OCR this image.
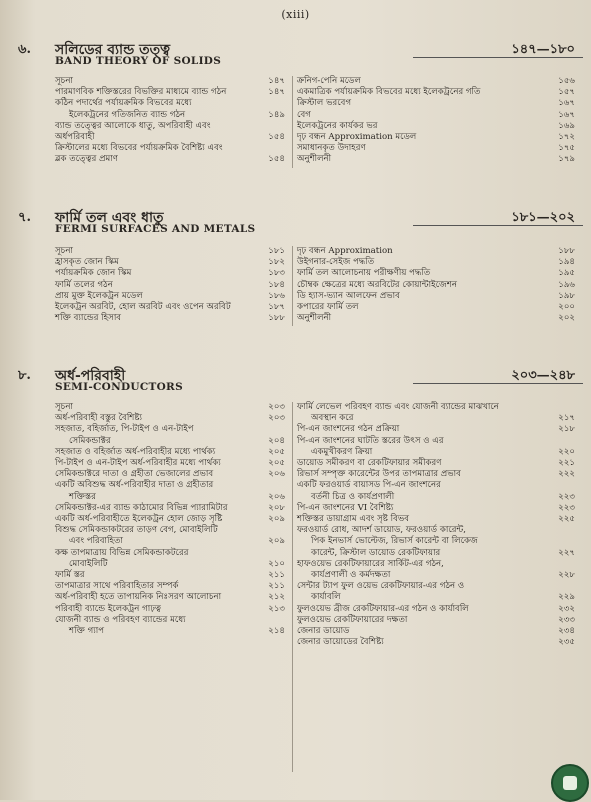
(xiii)
৬. সলিডের ব্যান্ড তত্ত্ব
BAND THEORY OF SOLIDS
১৪৭—১৮০
সূচনা	১৪৭
পারমাণবিক শক্তিস্তরের বিভক্তির মাধ্যমে ব্যান্ড গঠন	১৪৭
কঠিন পদার্থের পর্যায়ক্রমিক বিভবের মধ্যে
ইলেকট্রনের গতিজনিত ব্যান্ড গঠন	১৪৯
ব্যান্ড তত্ত্বের আলোকে ধাতু, অপরিবাহী এবং
অর্ধপরিবাহী	১৫৪
ক্রিস্টালের মধ্যে বিভবের পর্যায়ক্রমিক বৈশিষ্ট্য এবং
ব্লক তত্ত্বের প্রমাণ	১৫৪
ক্রনিগ-পেনি মডেল	১৫৬
একমাত্রিক পর্যায়ক্রমিক বিভবের মধ্যে ইলেকট্রনের গতি	১৫৭
ক্রিস্টাল ভরবেগ	১৬৭
বেগ	১৬৭
ইলেকট্রনের কার্যকর ভর	১৬৯
দৃঢ় বন্ধন Approximation মডেল	১৭২
সমাধানকৃত উদাহরণ	১৭৫
অনুশীলনী	১৭৯
৭. ফার্মি তল এবং ধাতু
FERMI SURFACES AND METALS
১৮১—২০২
সূচনা	১৮১
হ্রাসকৃত জোন স্কিম	১৮২
পর্যায়ক্রমিক জোন স্কিম	১৮৩
ফার্মি তলের গঠন	১৮৪
প্রায় মুক্ত ইলেকট্রন মডেল	১৮৬
ইলেকট্রন অরবিট, হোল অরবিট এবং ওপেন অরবিট	১৮৭
শক্তি ব্যান্ডের হিসাব	১৮৮
দৃঢ় বন্ধন Approximation	১৮৮
উইগনার-সেইজ পদ্ধতি	১৯৪
ফার্মি তল আলোচনায় পরীক্ষণীয় পদ্ধতি	১৯৫
চৌম্বক ক্ষেত্রের মধ্যে অরবিটের কোয়ান্টাইজেশন	১৯৬
ডি হ্যাস-ভ্যান আলফেন প্রভাব	১৯৮
কপারের ফার্মি তল	২০০
অনুশীলনী	২০২
৮. অর্ধ-পরিবাহী
SEMI-CONDUCTORS
২০৩—২৪৮
সূচনা	২০৩
অর্ধ-পরিবাহী বস্তুর বৈশিষ্ট্য	২০৩
সহজাত, বহির্জাত, পি-টাইপ ও এন-টাইপ
সেমিকন্ডাক্টর	২০৪
সহজাত ও বহির্জাত অর্ধ-পরিবাহীর মধ্যে পার্থক্য	২০৫
পি-টাইপ ও এন-টাইপ অর্ধ-পরিবাহীর মধ্যে পার্থক্য	২০৫
সেমিকন্ডাক্টরে দাতা ও গ্রহীতা ভেজালের প্রভাব	২০৬
একটি অবিশুদ্ধ অর্ধ-পরিবাহীর দাতা ও গ্রহীতার
শক্তিস্তর	২০৬
সেমিকন্ডাক্টর-এর ব্যান্ড কাঠামোর বিভিন্ন প্যারামিটার	২০৮
একটি অর্ধ-পরিবাহীতে ইলেকট্রন হোল জোড় সৃষ্টি	২০৯
বিশুদ্ধ সেমিকন্ডাকটরের তাড়ণ বেগ, মোবাইলিটি
এবং পরিবাহিতা	২০৯
কক্ষ তাপমাত্রায় বিভিন্ন সেমিকন্ডাকটরের
মোবাইলিটি	২১০
ফার্মি স্তর	২১১
তাপমাত্রার সাথে পরিবাহিতার সম্পর্ক	২১১
অর্ধ-পরিবাহী হতে তাপায়নিক নিঃসরণ আলোচনা	২১২
পরিবাহী ব্যান্ডে ইলেকট্রন গাঢ়ত্ব	২১৩
যোজনী ব্যান্ড ও পরিবহণ ব্যান্ডের মধ্যে
শক্তি গ্যাপ	২১৪
ফার্মি লেভেল পরিবহণ ব্যান্ড এবং যোজনী ব্যান্ডের মাঝখানে
অবস্থান করে	২১৭
পি-এন জাংশনের গঠন প্রক্রিয়া	২১৮
পি-এন জাংশনের ঘাটতি স্তরের উৎস ও এর
একমুখীকরণ ক্রিয়া	২২০
ডায়োড সমীকরণ বা রেকটিফায়ার সমীকরণ	২২১
রিভার্স সম্পৃক্ত কারেন্টের উপর তাপমাত্রার প্রভাব	২২২
একটি ফরওয়ার্ড বায়াসড পি-এন জাংশনের
বর্তনী চিত্র ও কার্যপ্রণালী	২২৩
পি-এন জাংশনের VI বৈশিষ্ট্য	২২৩
শক্তিস্তর ডায়াগ্রাম এবং সৃষ্ট বিভব	২২৫
ফরওয়ার্ড রোধ, আদর্শ ডায়োড, ফরওয়ার্ড কারেন্ট,
পিক ইনভার্স ভোল্টেজ, রিভার্স কারেন্ট বা লিকেজ
কারেন্ট, ক্রিস্টাল ডায়োড রেকটিফায়ার	২২৭
হাফওয়েভ রেকটিফায়ারের সার্কিট-এর গঠন,
কার্যপ্রণালী ও কর্মদক্ষতা	২২৮
সেন্টার ট্যাপ ফুল ওয়েভ রেকটিফায়ার-এর গঠন ও
কার্যাবলি	২২৯
ফুলওয়েভ ব্রীজ রেকটিফায়ার-এর গঠন ও কার্যাবলি	২৩২
ফুলওয়েভ রেকটিফায়ারের দক্ষতা	২৩৩
জেনার ডায়োড	২৩৪
জেনার ডায়োডের বৈশিষ্ট্য	২৩৫
